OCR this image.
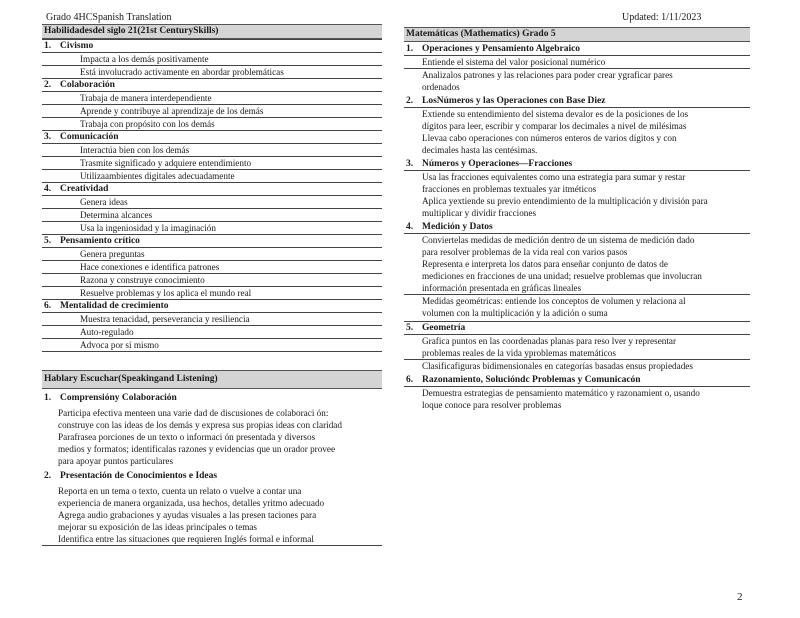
Grado 4HCSpanish Translation	Updated: 1/11/2023
Habilidadesdel siglo 21(21st CenturySkills)
1. Civismo
Impacta a los demás positivamente
Está involucrado activamente en abordar problemáticas
2. Colaboración
Trabaja de manera interdependiente
Aprende y contribuye al aprendizaje de los demás
Trabaja con propósito con los demás
3. Comunicación
Interactúa bien con los demás
Trasmite significado y adquiere entendimiento
Utilizaambientes digitales adecuadamente
4. Creatividad
Genera ideas
Determina alcances
Usa la ingeniosidad y la imaginación
5. Pensamiento crítico
Genera preguntas
Hace conexiones e identifica patrones
Razona y construye conocimiento
Resuelve problemas y los aplica el mundo real
6. Mentalidad de crecimiento
Muestra tenacidad, perseverancia y resiliencia
Auto-regulado
Advoca por sí mismo
Hablary Escuchar(Speakingand Listening)
1. Comprensióny Colaboración
Participa efectiva menteen una varie dad de discusiones de colaboraci ón:
construye con las ideas de los demás y expresa sus propias ideas con claridad
Parafrasea porciones de un texto o informaci ón presentada y diversos
medios y formatos; identificalas razones y evidencias que un orador provee
para apoyar puntos particulares
2. Presentación de Conocimientos e Ideas
Reporta en un tema o texto, cuenta un relato o vuelve a contar una
experiencia de manera organizada, usa hechos, detalles yritmo adecuado
Agrega audio grabaciones y ayudas visuales a las presen taciones para
mejorar su exposición de las ideas principales o temas
Identifica entre las situaciones que requieren Inglés formal e informal
Matemáticas (Mathematics) Grado 5
1. Operaciones y Pensamiento Algebraico
Entiende el sistema del valor posicional numérico
Analizalos patrones y las relaciones para poder crear ygraficar pares
ordenados
2. LosNúmeros y las Operaciones con Base Diez
Extiende su entendimiento del sistema devalor es de la posiciones de los
dígitos para leer, escribir y comparar los decimales a nivel de milésimas
Llevaa cabo operaciones con números enteros de varios dígitos y con
decimales hasta las centésimas.
3. Números y Operaciones—Fracciones
Usa las fracciones equivalentes como una estrategia para sumar y restar
fracciones en problemas textuales yar itméticos
Aplica yextiende su previo entendimiento de la multiplicación y división para
multiplicar y dividir fracciones
4. Medición y Datos
Conviertelas medidas de medición dentro de un sistema de medición dado
para resolver problemas de la vida real con varios pasos
Representa e interpreta los datos para enseñar conjunto de datos de
mediciones en fracciones de una unidad; resuelve problemas que involucran
información presentada en gráficas lineales
Medidas geométricas: entiende los conceptos de volumen y relaciona al
volumen con la multiplicación y la adición o suma
5. Geometría
Grafica puntos en las coordenadas planas para reso lver y representar
problemas reales de la vida yproblemas matemáticos
Clasificafiguras bidimensionales en categorías basadas ensus propiedades
6. Razonamiento, Solucióndc Problemas y Comunicacón
Demuestra estrategias de pensamiento matemático y razonamient o, usando
loque conoce para resolver problemas
2
